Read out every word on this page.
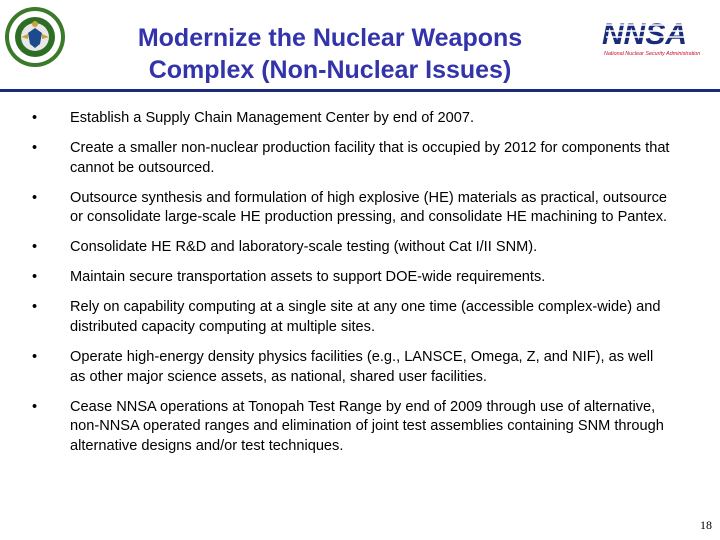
Modernize the Nuclear Weapons
Complex (Non-Nuclear Issues)
NNSA
National Nuclear Security Administration
• Establish a Supply Chain Management Center by end of 2007.
• Create a smaller non-nuclear production facility that is occupied by 2012 for components that cannot be outsourced.
• Outsource synthesis and formulation of high explosive (HE) materials as practical, outsource or consolidate large-scale HE production pressing, and consolidate HE machining to Pantex.
• Consolidate HE R&D and laboratory-scale testing (without Cat I/II SNM).
• Maintain secure transportation assets to support DOE-wide requirements.
• Rely on capability computing at a single site at any one time (accessible complex-wide) and distributed capacity computing at multiple sites.
• Operate high-energy density physics facilities (e.g., LANSCE, Omega, Z, and NIF), as well as other major science assets, as national, shared user facilities.
• Cease NNSA operations at Tonopah Test Range by end of 2009 through use of alternative, non-NNSA operated ranges and elimination of joint test assemblies containing SNM through alternative designs and/or test techniques.
18
